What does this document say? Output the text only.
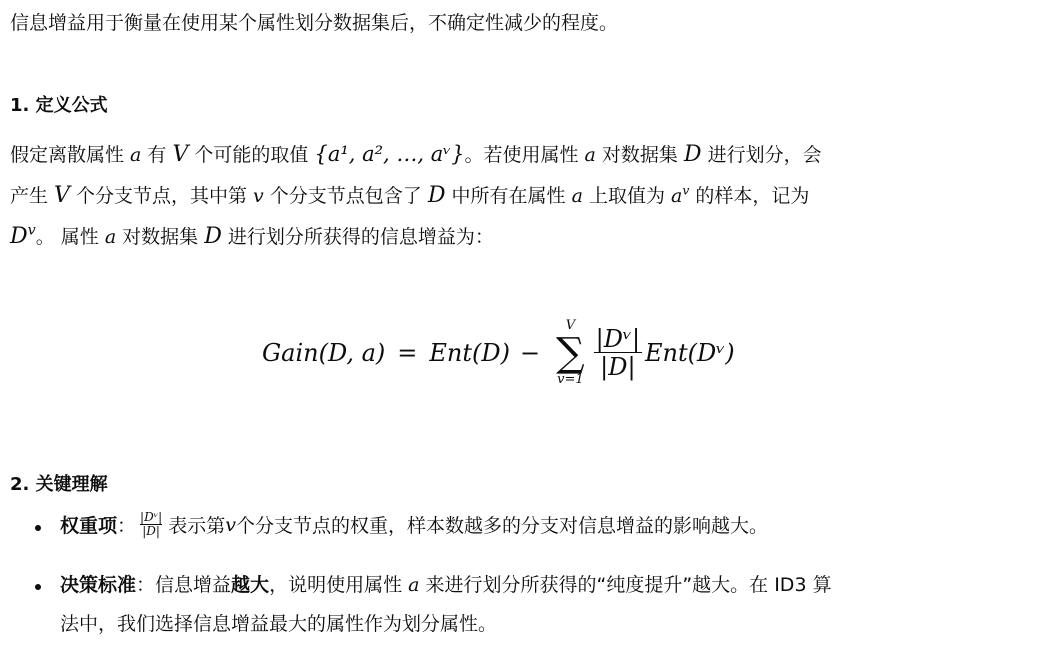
信息增益用于衡量在使用某个属性划分数据集后，不确定性减少的程度。
1. 定义公式
假定离散属性 a 有 V 个可能的取值 {a¹, a², …, aᵛ}。若使用属性 a 对数据集 D 进行划分，会
产生 V 个分支节点，其中第 v 个分支节点包含了 D 中所有在属性 a 上取值为 $a^v$ 的样本，记为
$D^v$。 属性 a 对数据集 D 进行划分所获得的信息增益为：
Gain(D, a) = Ent(D) −
V
∑
$v=1 \frac{\text{|Dᵛ|}}{|D|}$ Ent(Dᵛ)
2. 关键理解
权重项 ： |Dᵛ|
|D| 表示第 v 个分支节点的权重，样本数越多的分支对信息增益的影响越大。
决策标准：信息增益越大，说明使用属性 a 来进行划分所获得的“纯度提升”越大。在 ID3 算
法中，我们选择信息增益最大的属性作为划分属性。
